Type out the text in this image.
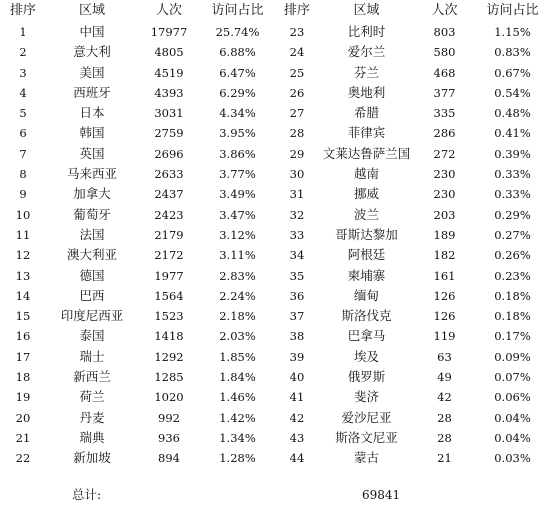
排序	区域	人次	访问占比	排序	区域	人次	访问占比
1	中国	17977	25.74%	23	比利时	803	1.15%
2	意大利	4805	6.88%	24	爱尔兰	580	0.83%
3	美国	4519	6.47%	25	芬兰	468	0.67%
4	西班牙	4393	6.29%	26	奥地利	377	0.54%
5	日本	3031	4.34%	27	希腊	335	0.48%
6	韩国	2759	3.95%	28	菲律宾	286	0.41%
7	英国	2696	3.86%	29	文莱达鲁萨兰国	272	0.39%
8	马来西亚	2633	3.77%	30	越南	230	0.33%
9	加拿大	2437	3.49%	31	挪威	230	0.33%
10	葡萄牙	2423	3.47%	32	波兰	203	0.29%
11	法国	2179	3.12%	33	哥斯达黎加	189	0.27%
12	澳大利亚	2172	3.11%	34	阿根廷	182	0.26%
13	德国	1977	2.83%	35	柬埔寨	161	0.23%
14	巴西	1564	2.24%	36	缅甸	126	0.18%
15	印度尼西亚	1523	2.18%	37	斯洛伐克	126	0.18%
16	泰国	1418	2.03%	38	巴拿马	119	0.17%
17	瑞士	1292	1.85%	39	埃及	63	0.09%
18	新西兰	1285	1.84%	40	俄罗斯	49	0.07%
19	荷兰	1020	1.46%	41	斐济	42	0.06%
20	丹麦	992	1.42%	42	爱沙尼亚	28	0.04%
21	瑞典	936	1.34%	43	斯洛文尼亚	28	0.04%
22	新加坡	894	1.28%	44	蒙古	21	0.03%
总计:	69841
